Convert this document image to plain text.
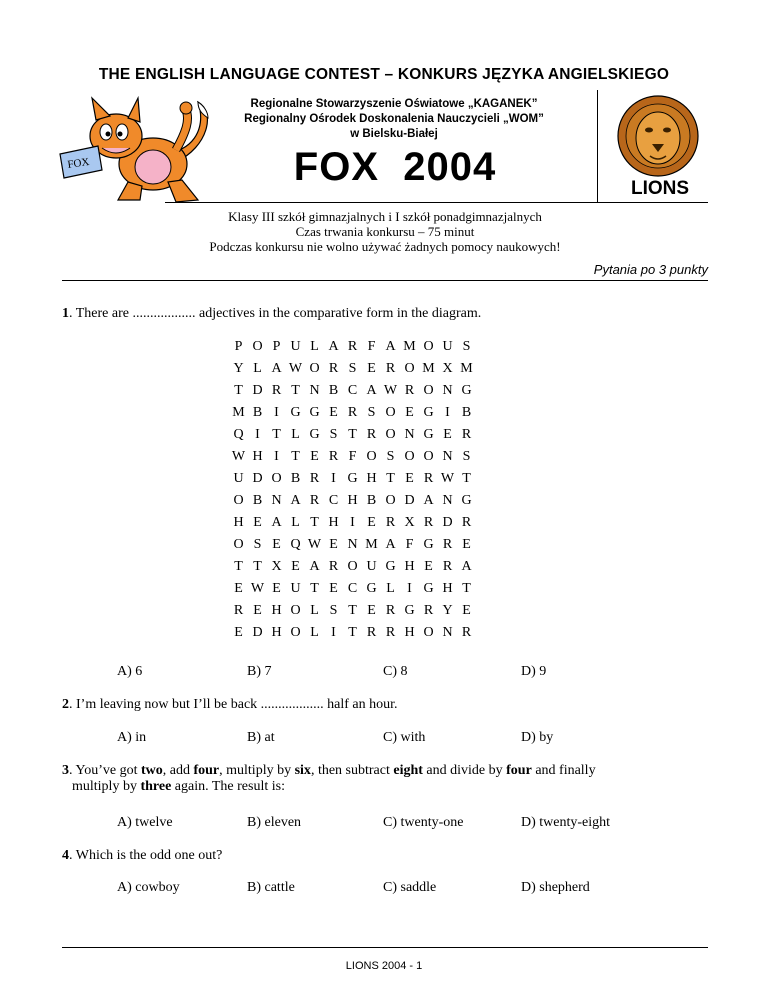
THE ENGLISH LANGUAGE CONTEST – KONKURS JĘZYKA ANGIELSKIEGO
FOX
Regionalne Stowarzyszenie Oświatowe „KAGANEK”
Regionalny Ośrodek Doskonalenia Nauczycieli „WOM”
w Bielsku-Białej
FOX  2004	LIONS
Klasy III szkół gimnazjalnych i I szkół ponadgimnazjalnych
Czas trwania konkursu – 75 minut
Podczas konkursu nie wolno używać żadnych pomocy naukowych!
Pytania po 3 punkty
1. There are .................. adjectives in the comparative form in the diagram.
P	O	P	U	L	A	R	F	A	M	O	U	S
Y	L	A	W	O	R	S	E	R	O	M	X	M
T	D	R	T	N	B	C	A	W	R	O	N	G
M	B	I	G	G	E	R	S	O	E	G	I	B
Q	I	T	L	G	S	T	R	O	N	G	E	R
W	H	I	T	E	R	F	O	S	O	O	N	S
U	D	O	B	R	I	G	H	T	E	R	W	T
O	B	N	A	R	C	H	B	O	D	A	N	G
H	E	A	L	T	H	I	E	R	X	R	D	R
O	S	E	Q	W	E	N	M	A	F	G	R	E
T	T	X	E	A	R	O	U	G	H	E	R	A
E	W	E	U	T	E	C	G	L	I	G	H	T
R	E	H	O	L	S	T	E	R	G	R	Y	E
E	D	H	O	L	I	T	R	R	H	O	N	R
A) 6	B) 7	C) 8	D) 9
2. I’m leaving now but I’ll be back .................. half an hour.
A) in	B) at	C) with	D) by
3. You’ve got two, add four, multiply by six, then subtract eight and divide by four and finally
multiply by three again. The result is:
A) twelve	B) eleven	C) twenty-one	D) twenty-eight
4. Which is the odd one out?
A) cowboy	B) cattle	C) saddle	D) shepherd
LIONS 2004 - 1
